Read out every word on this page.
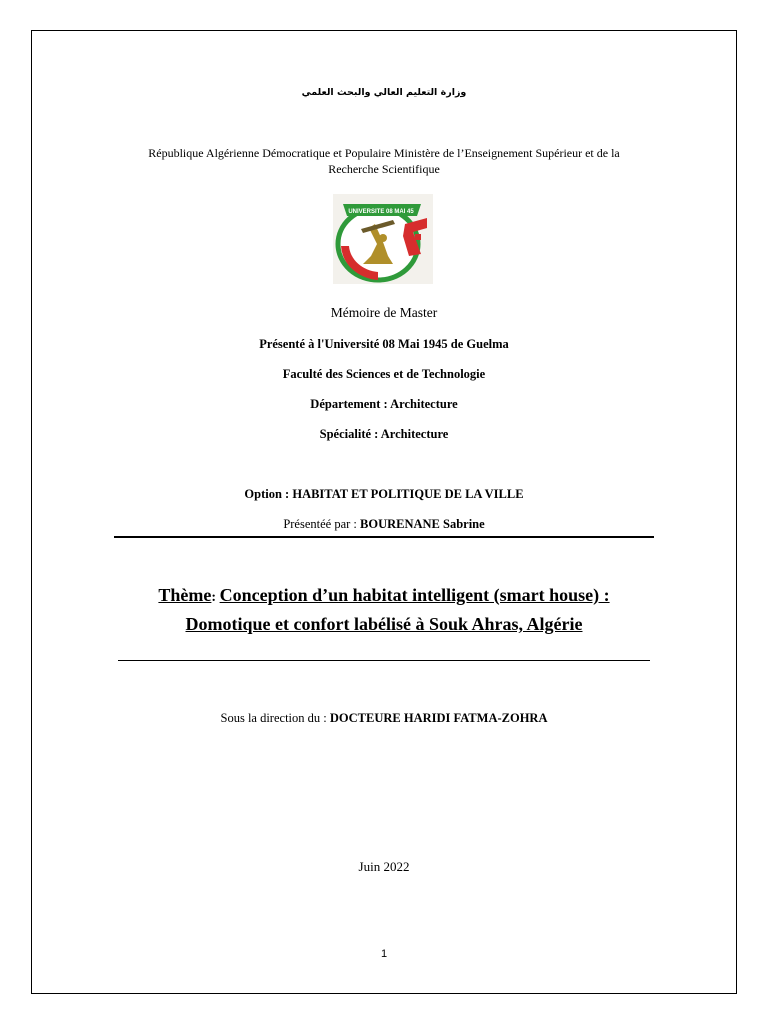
وزارة التعليم العالي والبحث العلمي
République Algérienne Démocratique et Populaire Ministère de l’Enseignement Supérieur et de la
Recherche Scientifique
UNIVERSITE 08 MAI 45
Mémoire de Master
Présenté à l'Université 08 Mai 1945 de Guelma
Faculté des Sciences et de Technologie
Département : Architecture
Spécialité : Architecture
Option : HABITAT ET POLITIQUE DE LA VILLE
Présentéé par : BOURENANE Sabrine
Thème: Conception d’un habitat intelligent (smart house) :
Domotique et confort labélisé à Souk Ahras, Algérie
Sous la direction du : DOCTEURE HARIDI FATMA-ZOHRA
Juin 2022
1
